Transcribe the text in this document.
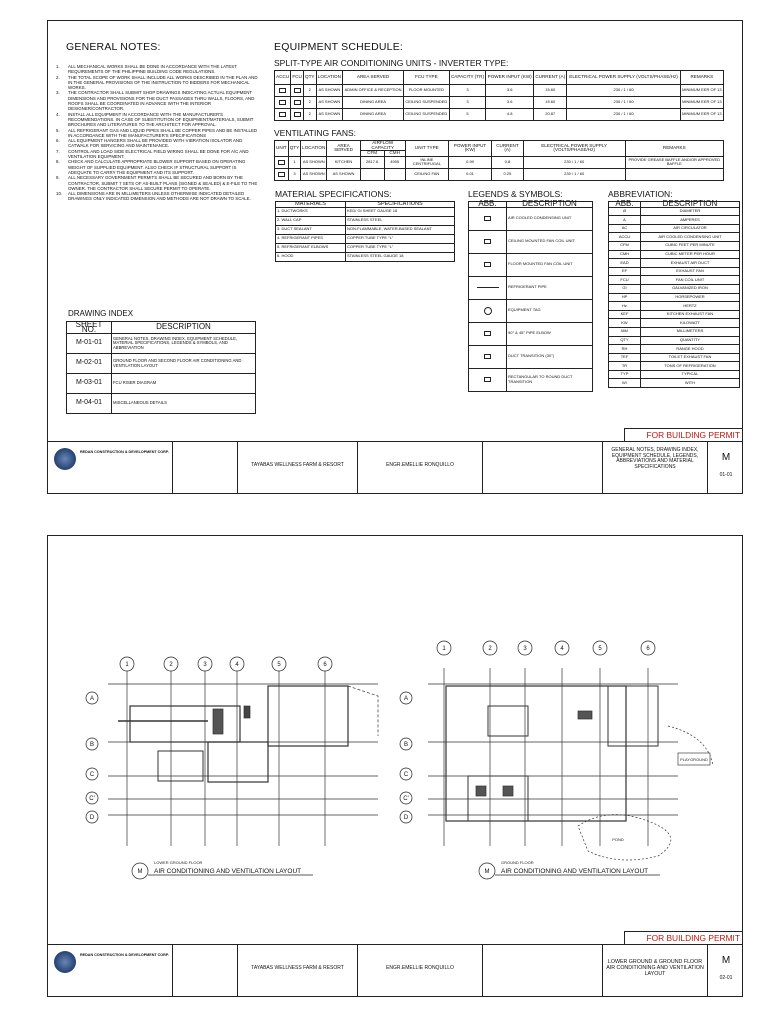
GENERAL NOTES:
1.	ALL MECHANICAL WORKS SHALL BE DONE IN ACCORDANCE WITH THE LATEST REQUIREMENTS OF THE PHILIPPINE BUILDING CODE REGULATIONS.
2.	THE TOTAL SCOPE OF WORK SHALL INCLUDE ALL WORKS DESCRIBED IN THE PLAN AND IN THE GENERAL PROVISIONS OF THE INSTRUCTION TO BIDDERS FOR MECHANICAL WORKS.
3.	THE CONTRACTOR SHALL SUBMIT SHOP DRAWINGS INDICATING ACTUAL EQUIPMENT DIMENSIONS AND PROVISIONS FOR THE DUCT PASSAGES THRU WALLS, FLOORS, AND ROOFS SHALL BE COORDINATED IN ADVANCE WITH THE INTERIOR DESIGNER/CONTRACTOR.
4.	INSTALL ALL EQUIPMENT IN ACCORDANCE WITH THE MANUFACTURER'S RECOMMENDATIONS. IN CASE OF SUBSTITUTION OF EQUIPMENT/MATERIALS, SUBMIT BROCHURES AND LITERATURES TO THE ARCHITECT FOR APPROVAL.
5.	ALL REFRIGERANT GAS AND LIQUID PIPES SHALL BE COPPER PIPES AND BE INSTALLED IN ACCORDANCE WITH THE MANUFACTURER'S SPECIFICATIONS
6.	ALL EQUIPMENT HANGERS SHALL BE PROVIDED WITH VIBRATION ISOLATOR AND CATWALK FOR SERVICING AND MAINTENANCE.
7.	CONTROL AND LOAD SIDE ELECTRICAL FIELD WIRING SHALL BE DONE FOR A/C AND VENTILATION EQUIPMENT.
8.	CHECK AND CALCULATE APPROPRIATE BLOWER SUPPORT BASED ON OPERATING WEIGHT OF SUPPLIED EQUIPMENT. ALSO CHECK IF STRUCTURAL SUPPORT IS ADEQUATE TO CARRY THE EQUIPMENT AND ITS SUPPORT.
9.	ALL NECESSARY GOVERNMENT PERMITS SHALL BE SECURED AND BORN BY THE CONTRACTOR, SUBMIT 7 SETS OF AS-BUILT PLANS (SIGNED & SEALED) & E-FILE TO THE OWNER. THE CONTRACTOR SHALL SECURE PERMIT TO OPERATE.
10.	ALL DIMENSIONS ARE IN MILLIMETERS UNLESS OTHERWISE INDICATED DETAILED DRAWINGS ONLY INDICATED DIMENSION AND METHODS ARE NOT DRAWN TO SCALE.
DRAWING INDEX
SHEET NO.	DESCRIPTION
M-01-01	GENERAL NOTES, DRAWING INDEX, EQUIPMENT SCHEDULE, MATERIAL SPECIFICATIONS, LEGENDS & SYMBOLS, AND ABBREVIATION
M-02-01	GROUND FLOOR AND SECOND FLOOR AIR CONDITIONING AND VENTILATION LAYOUT
M-03-01	FCU RISER DIAGRAM
M-04-01	MISCELLANEOUS DETAILS
EQUIPMENT SCHEDULE:
SPLIT-TYPE AIR CONDITIONING UNITS - INVERTER TYPE:
ACCU	FCU	QTY	LOCATION	AREA SERVED	FCU TYPE	CAPACITY (TR)	POWER INPUT (KW)	CURRENT (A)	ELECTRICAL POWER SUPPLY (VOLTS/PHASE/Hz)	REMARKS
		2	AS SHOWN	ADMIN OFFICE & RECEPTION	FLOOR MOUNTED	3	3.6	15.60	230 / 1 / 60	MINIMUM EER OF 13
		2	AS SHOWN	DINING AREA	CEILING SUSPENDED	3	3.6	15.60	230 / 1 / 60	MINIMUM EER OF 13
		2	AS SHOWN	DINING AREA	CEILING SUSPENDED	5	4.8	20.87	230 / 1 / 60	MINIMUM EER OF 13
VENTILATING FANS:
UNIT	QTY	LOCATION	AREA SERVED	AIRFLOW CAPACITY		UNIT TYPE	POWER INPUT (KW)	CURRENT (A)	ELECTRICAL POWER SUPPLY (VOLTS/PHASE/Hz)	REMARKS
				CFM	CMH					
	1	AS SHOWN	KITCHEN	2817.6	4955	INLINE CENTRIFUGAL	0.99	0.8	230 / 1 / 60	PROVIDE GREASE BAFFLE AND/OR APPROVED BAFFLE
	3	AS SHOWN	AS SHOWN			CEILING FAN	0.01	0.25	230 / 1 / 60	
MATERIAL SPECIFICATIONS:
MATERIALS	SPECIFICATIONS
1. DUCTWORKS	KED/ GI SHEET GAUGE 18
2. WALL CAP	STAINLESS STEEL
3. DUCT SEALANT	NON-FLAMMABLE, WATER-BASED SEALANT
4. REFRIGERANT PIPES	COPPER TUBE TYPE "L"
5. REFRIGERANT ELBOWS	COPPER TUBE TYPE "L"
6. HOOD	STAINLESS STEEL GAUGE 18
LEGENDS & SYMBOLS:
ABB.	DESCRIPTION
	AIR COOLED CONDENSING UNIT
	CEILING MOUNTED FAN COIL UNIT
	FLOOR MOUNTED FAN COIL UNIT
	REFRIGERANT PIPE
	EQUIPMENT TAG
	90° & 45° PIPE ELBOW
	DUCT TRANSITION (30°)
	RECTANGULAR TO ROUND DUCT TRANSITION
ABBREVIATION:
ABB.	DESCRIPTION
Ø	DIAMETER
A	AMPERES
AC	AIR CIRCULATOR
ACCU	AIR COOLED CONDENSING UNIT
CFM	CUBIC FEET PER MINUTE
CMH	CUBIC METER PER HOUR
EAD	EXHAUST AIR DUCT
EF	EXHAUST FAN
FCU	FAN COIL UNIT
GI	GALVANIZED IRON
HP	HORSEPOWER
Hz	HERTZ
KEF	KITCHEN EXHAUST FAN
KW	KILOWATT
MM	MILLIMETERS
QTY	QUANTITY
RH	RANGE HOOD
TEF	TOILET EXHAUST FAN
TR	TONS OF REFRIGERATION
TYP	TYPICAL
W/	WITH
FOR BUILDING PERMIT
REDAN CONSTRUCTION & DEVELOPMENT CORP.
TAYABAS WELLNESS FARM & RESORT	ENGR.EMELLIE RONQUILLO
GENERAL NOTES, DRAWING INDEX, EQUIPMENT SCHEDULE, LEGENDS, ABBREVIATIONS AND MATERIAL SPECIFICATIONS
M
01-01
1	2	3	4	5	6
A
B
C
C'
D
1	2	3	4	5	6
A
B
C
C'
D
PLAYGROUND
POND
M
LOWER GROUND FLOOR
AIR CONDITIONING AND VENTILATION LAYOUT	M
GROUND FLOOR
AIR CONDITIONING AND VENTILATION LAYOUT
FOR BUILDING PERMIT
REDAN CONSTRUCTION & DEVELOPMENT CORP.
TAYABAS WELLNESS FARM & RESORT	ENGR.EMELLIE RONQUILLO
LOWER GROUND & GROUND FLOOR AIR CONDITIONING AND VENTILATION LAYOUT
M
02-01
